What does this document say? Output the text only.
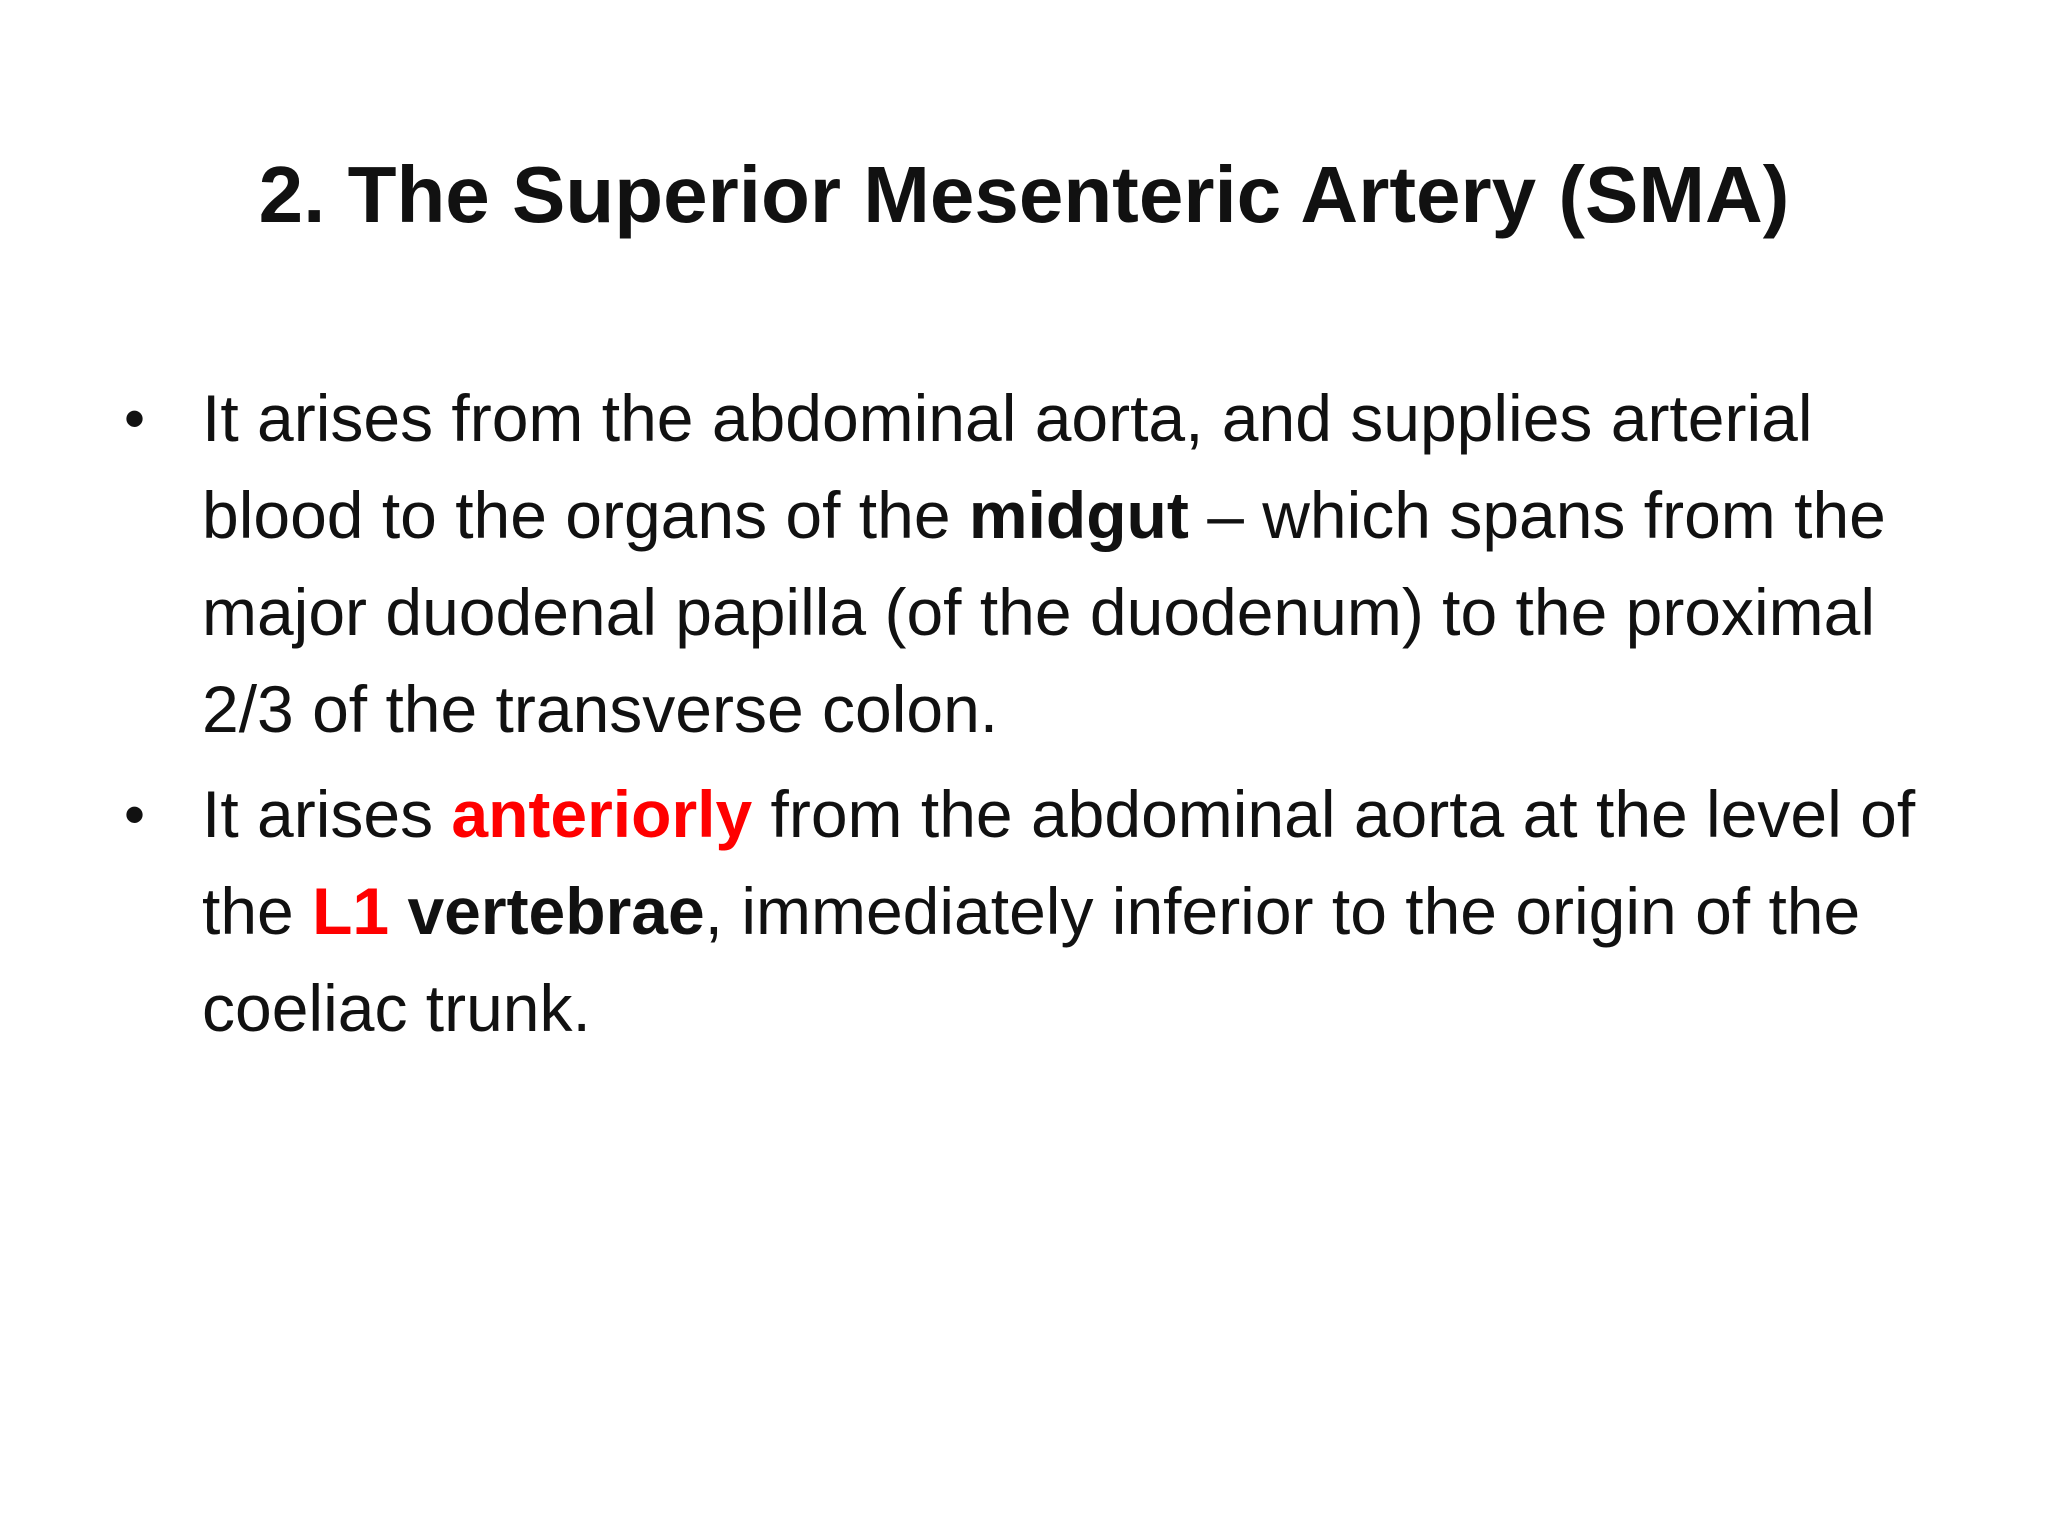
2. The Superior Mesenteric Artery (SMA)
• It arises from the abdominal aorta, and supplies arterial blood to the organs of the midgut – which spans from the major duodenal papilla (of the duodenum) to the proximal 2/3 of the transverse colon.
• It arises anteriorly from the abdominal aorta at the level of the L1 vertebrae, immediately inferior to the origin of the coeliac trunk.
